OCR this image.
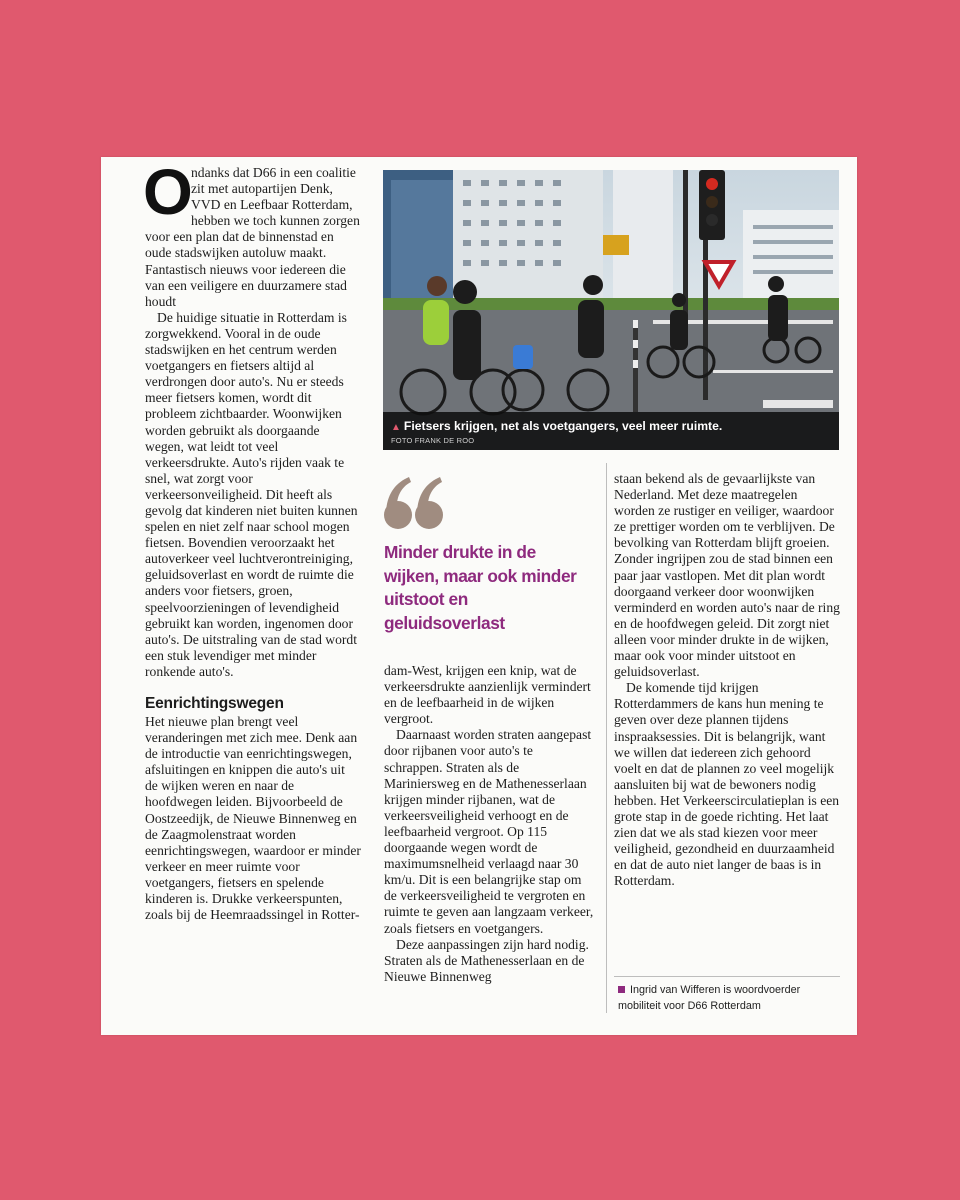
O
ndanks dat D66 in een coalitie zit met autopartijen Denk, VVD en Leefbaar Rotterdam, hebben we toch kunnen zorgen voor een plan dat de binnenstad en oude stadswijken autoluw maakt. Fantastisch nieuws voor iedereen die van een veiligere en duurzamere stad houdt

De huidige situatie in Rotterdam is zorgwekkend. Vooral in de oude stadswijken en het centrum werden voetgangers en fietsers altijd al verdrongen door auto's. Nu er steeds meer fietsers komen, wordt dit probleem zichtbaarder. Woonwijken worden gebruikt als doorgaande wegen, wat leidt tot veel verkeersdrukte. Auto's rijden vaak te snel, wat zorgt voor verkeersonveiligheid. Dit heeft als gevolg dat kinderen niet buiten kunnen spelen en niet zelf naar school mogen fietsen. Bovendien veroorzaakt het autoverkeer veel luchtverontreiniging, geluidsoverlast en wordt de ruimte die anders voor fietsers, groen, speelvoorzieningen of levendigheid gebruikt kan worden, ingenomen door auto's. De uitstraling van de stad wordt een stuk levendiger met minder ronkende auto's.

Eenrichtingswegen

Het nieuwe plan brengt veel veranderingen met zich mee. Denk aan de introductie van eenrichtingswegen, afsluitingen en knippen die auto's uit de wijken weren en naar de hoofdwegen leiden. Bijvoorbeeld de Oostzeedijk, de Nieuwe Binnenweg en de Zaagmolenstraat worden eenrichtingswegen, waardoor er minder verkeer en meer ruimte voor voetgangers, fietsers en spelende kinderen is. Drukke verkeerspunten, zoals bij de Heemraadssingel in Rotter-

▲ Fietsers krijgen, net als voetgangers, veel meer ruimte.
FOTO FRANK DE ROO
Minder drukte in de wijken, maar ook minder uitstoot en geluidsoverlast

dam-West, krijgen een knip, wat de verkeersdrukte aanzienlijk vermindert en de leefbaarheid in de wijken vergroot.

Daarnaast worden straten aangepast door rijbanen voor auto's te schrappen. Straten als de Mariniersweg en de Mathenesserlaan krijgen minder rijbanen, wat de verkeersveiligheid verhoogt en de leefbaarheid vergroot. Op 115 doorgaande wegen wordt de maximumsnelheid verlaagd naar 30 km/u. Dit is een belangrijke stap om de verkeersveiligheid te vergroten en ruimte te geven aan langzaam verkeer, zoals fietsers en voetgangers.

Deze aanpassingen zijn hard nodig. Straten als de Mathenesserlaan en de Nieuwe Binnenweg

staan bekend als de gevaarlijkste van Nederland. Met deze maatregelen worden ze rustiger en veiliger, waardoor ze prettiger worden om te verblijven. De bevolking van Rotterdam blijft groeien. Zonder ingrijpen zou de stad binnen een paar jaar vastlopen. Met dit plan wordt doorgaand verkeer door woonwijken verminderd en worden auto's naar de ring en de hoofdwegen geleid. Dit zorgt niet alleen voor minder drukte in de wijken, maar ook voor minder uitstoot en geluidsoverlast.

De komende tijd krijgen Rotterdammers de kans hun mening te geven over deze plannen tijdens inspraaksessies. Dit is belangrijk, want we willen dat iedereen zich gehoord voelt en dat de plannen zo veel mogelijk aansluiten bij wat de bewoners nodig hebben. Het Verkeerscirculatieplan is een grote stap in de goede richting. Het laat zien dat we als stad kiezen voor meer veiligheid, gezondheid en duurzaamheid en dat de auto niet langer de baas is in Rotterdam.

Ingrid van Wifferen is woordvoerder mobiliteit voor D66 Rotterdam
